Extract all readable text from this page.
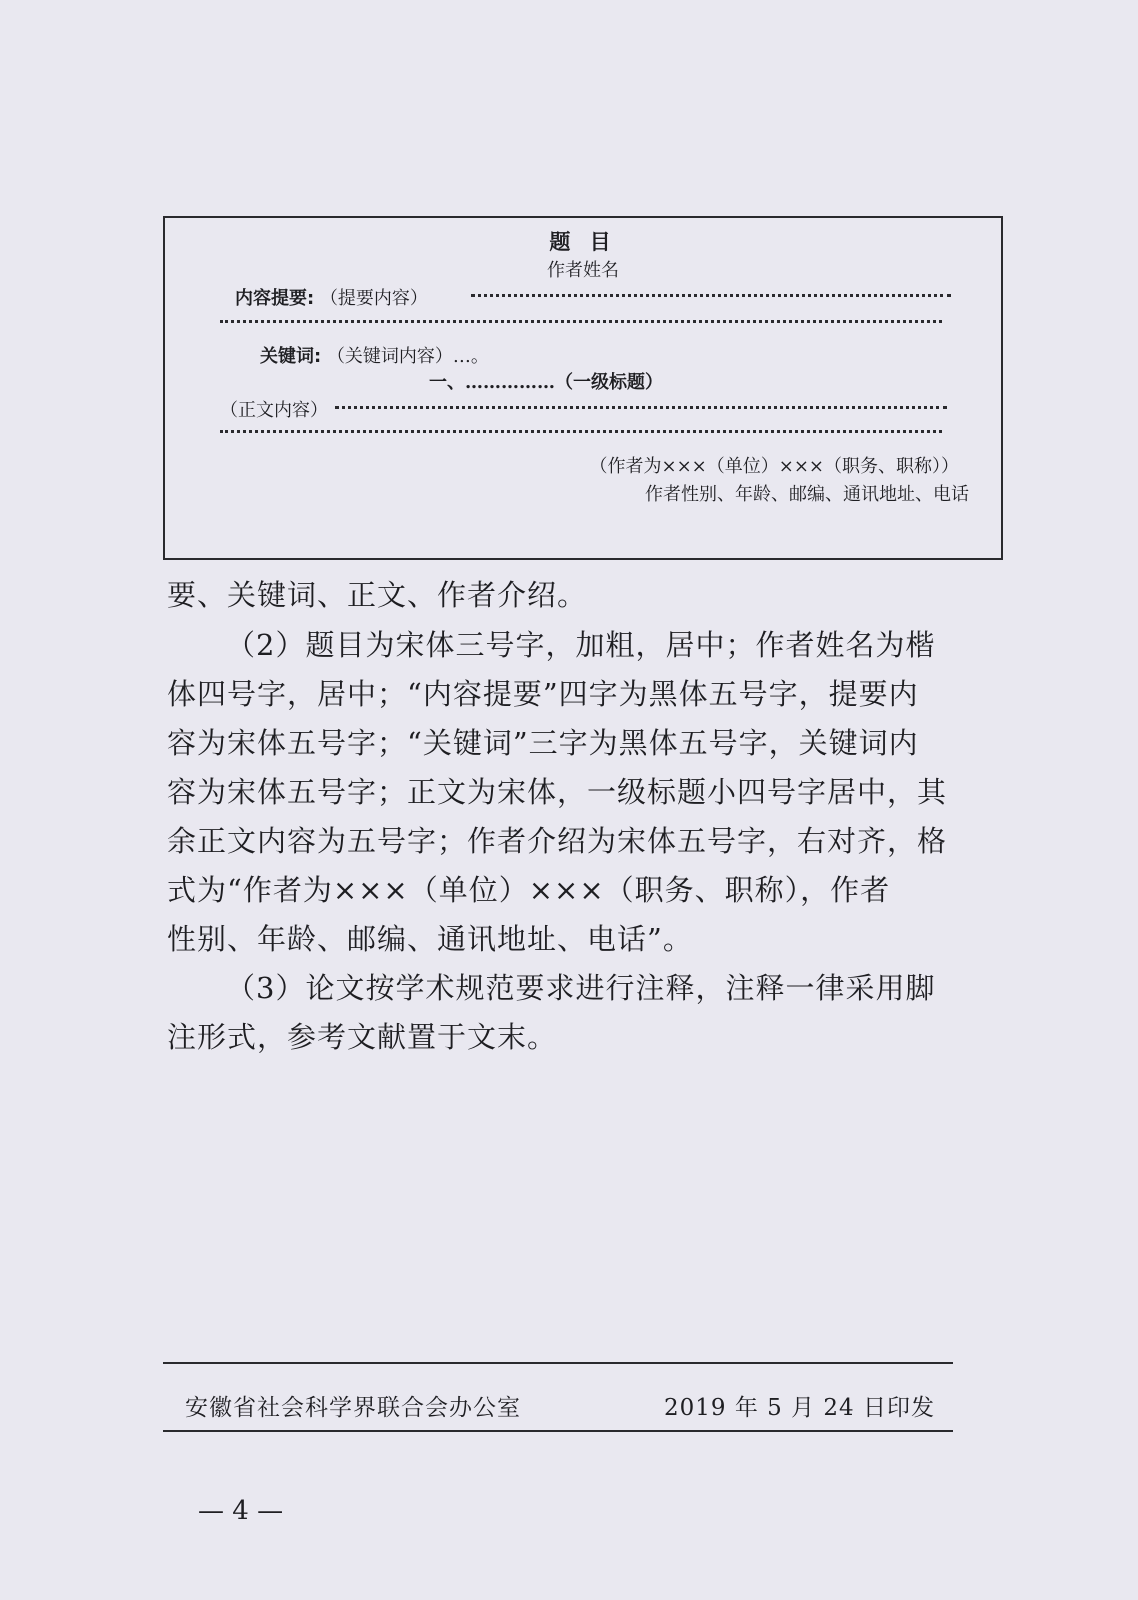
题 目
作者姓名
内容提要: （提要内容）
关键词: （关键词内容）…。
一、……………（一级标题）
（正文内容）
（作者为×××（单位）×××（职务、职称））
作者性别、年龄、邮编、通讯地址、电话
要、关键词、正文、作者介绍。
（2）题目为宋体三号字，加粗，居中；作者姓名为楷
体四号字，居中；“内容提要”四字为黑体五号字，提要内
容为宋体五号字；“关键词”三字为黑体五号字，关键词内
容为宋体五号字；正文为宋体，一级标题小四号字居中，其
余正文内容为五号字；作者介绍为宋体五号字，右对齐，格
式为“作者为×××（单位）×××（职务、职称），作者
性别、年龄、邮编、通讯地址、电话”。
（3）论文按学术规范要求进行注释，注释一律采用脚
注形式，参考文献置于文末。
安徽省社会科学界联合会办公室	2019 年 5 月 24 日印发
— 4 —
